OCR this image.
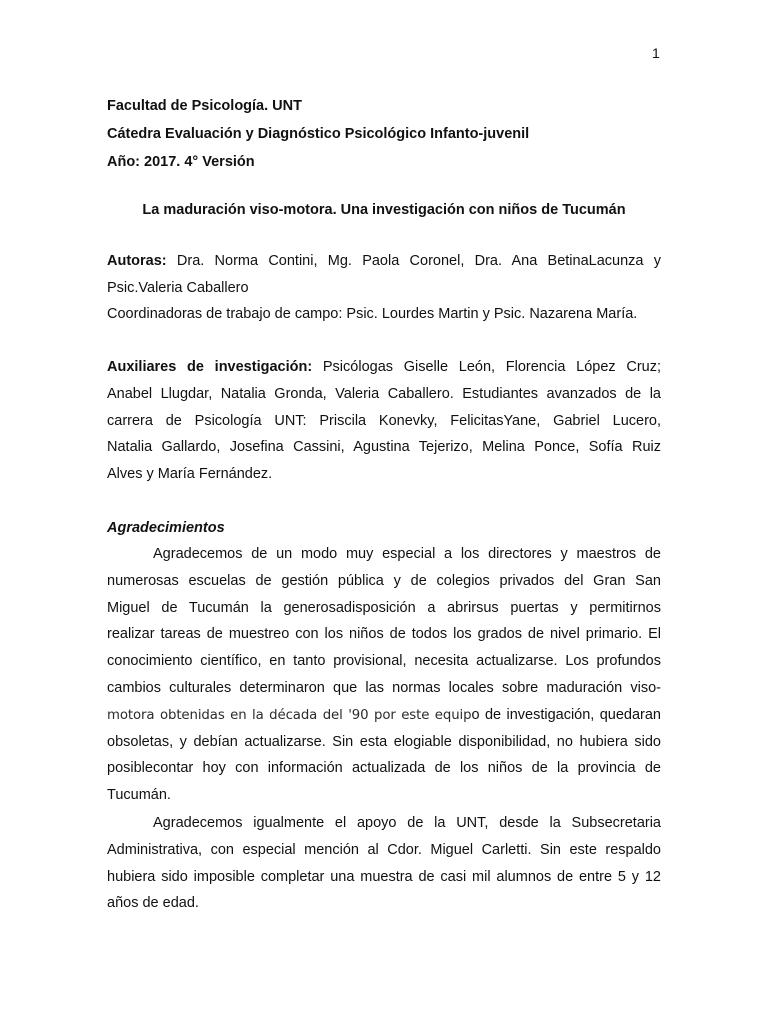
1
Facultad de Psicología. UNT
Cátedra Evaluación y Diagnóstico Psicológico Infanto-juvenil
Año: 2017. 4° Versión
La maduración viso-motora. Una investigación con niños de Tucumán
Autoras: Dra. Norma Contini, Mg. Paola Coronel, Dra. Ana BetinaLacunza y
Psic.Valeria Caballero
Coordinadoras de trabajo de campo: Psic. Lourdes Martin y Psic. Nazarena María.
Auxiliares de investigación: Psicólogas Giselle León, Florencia López Cruz;
Anabel Llugdar, Natalia Gronda, Valeria Caballero. Estudiantes avanzados de la
carrera de Psicología UNT: Priscila Konevky, FelicitasYane, Gabriel Lucero,
Natalia Gallardo, Josefina Cassini, Agustina Tejerizo, Melina Ponce, Sofía Ruiz
Alves y María Fernández.
Agradecimientos
Agradecemos de un modo muy especial a los directores y maestros de
numerosas escuelas de gestión pública y de colegios privados del Gran San
Miguel de Tucumán la generosadisposición a abrirsus puertas y permitirnos
realizar tareas de muestreo con los niños de todos los grados de nivel primario. El
conocimiento científico, en tanto provisional, necesita actualizarse. Los profundos
cambios culturales determinaron que las normas locales sobre maduración viso-
motora obtenidas en la década del '90 por este equipo de investigación, quedaran
obsoletas, y debían actualizarse. Sin esta elogiable disponibilidad, no hubiera sido
posiblecontar hoy con información actualizada de los niños de la provincia de
Tucumán.
Agradecemos igualmente el apoyo de la UNT, desde la Subsecretaria
Administrativa, con especial mención al Cdor. Miguel Carletti. Sin este respaldo
hubiera sido imposible completar una muestra de casi mil alumnos de entre 5 y 12
años de edad.
